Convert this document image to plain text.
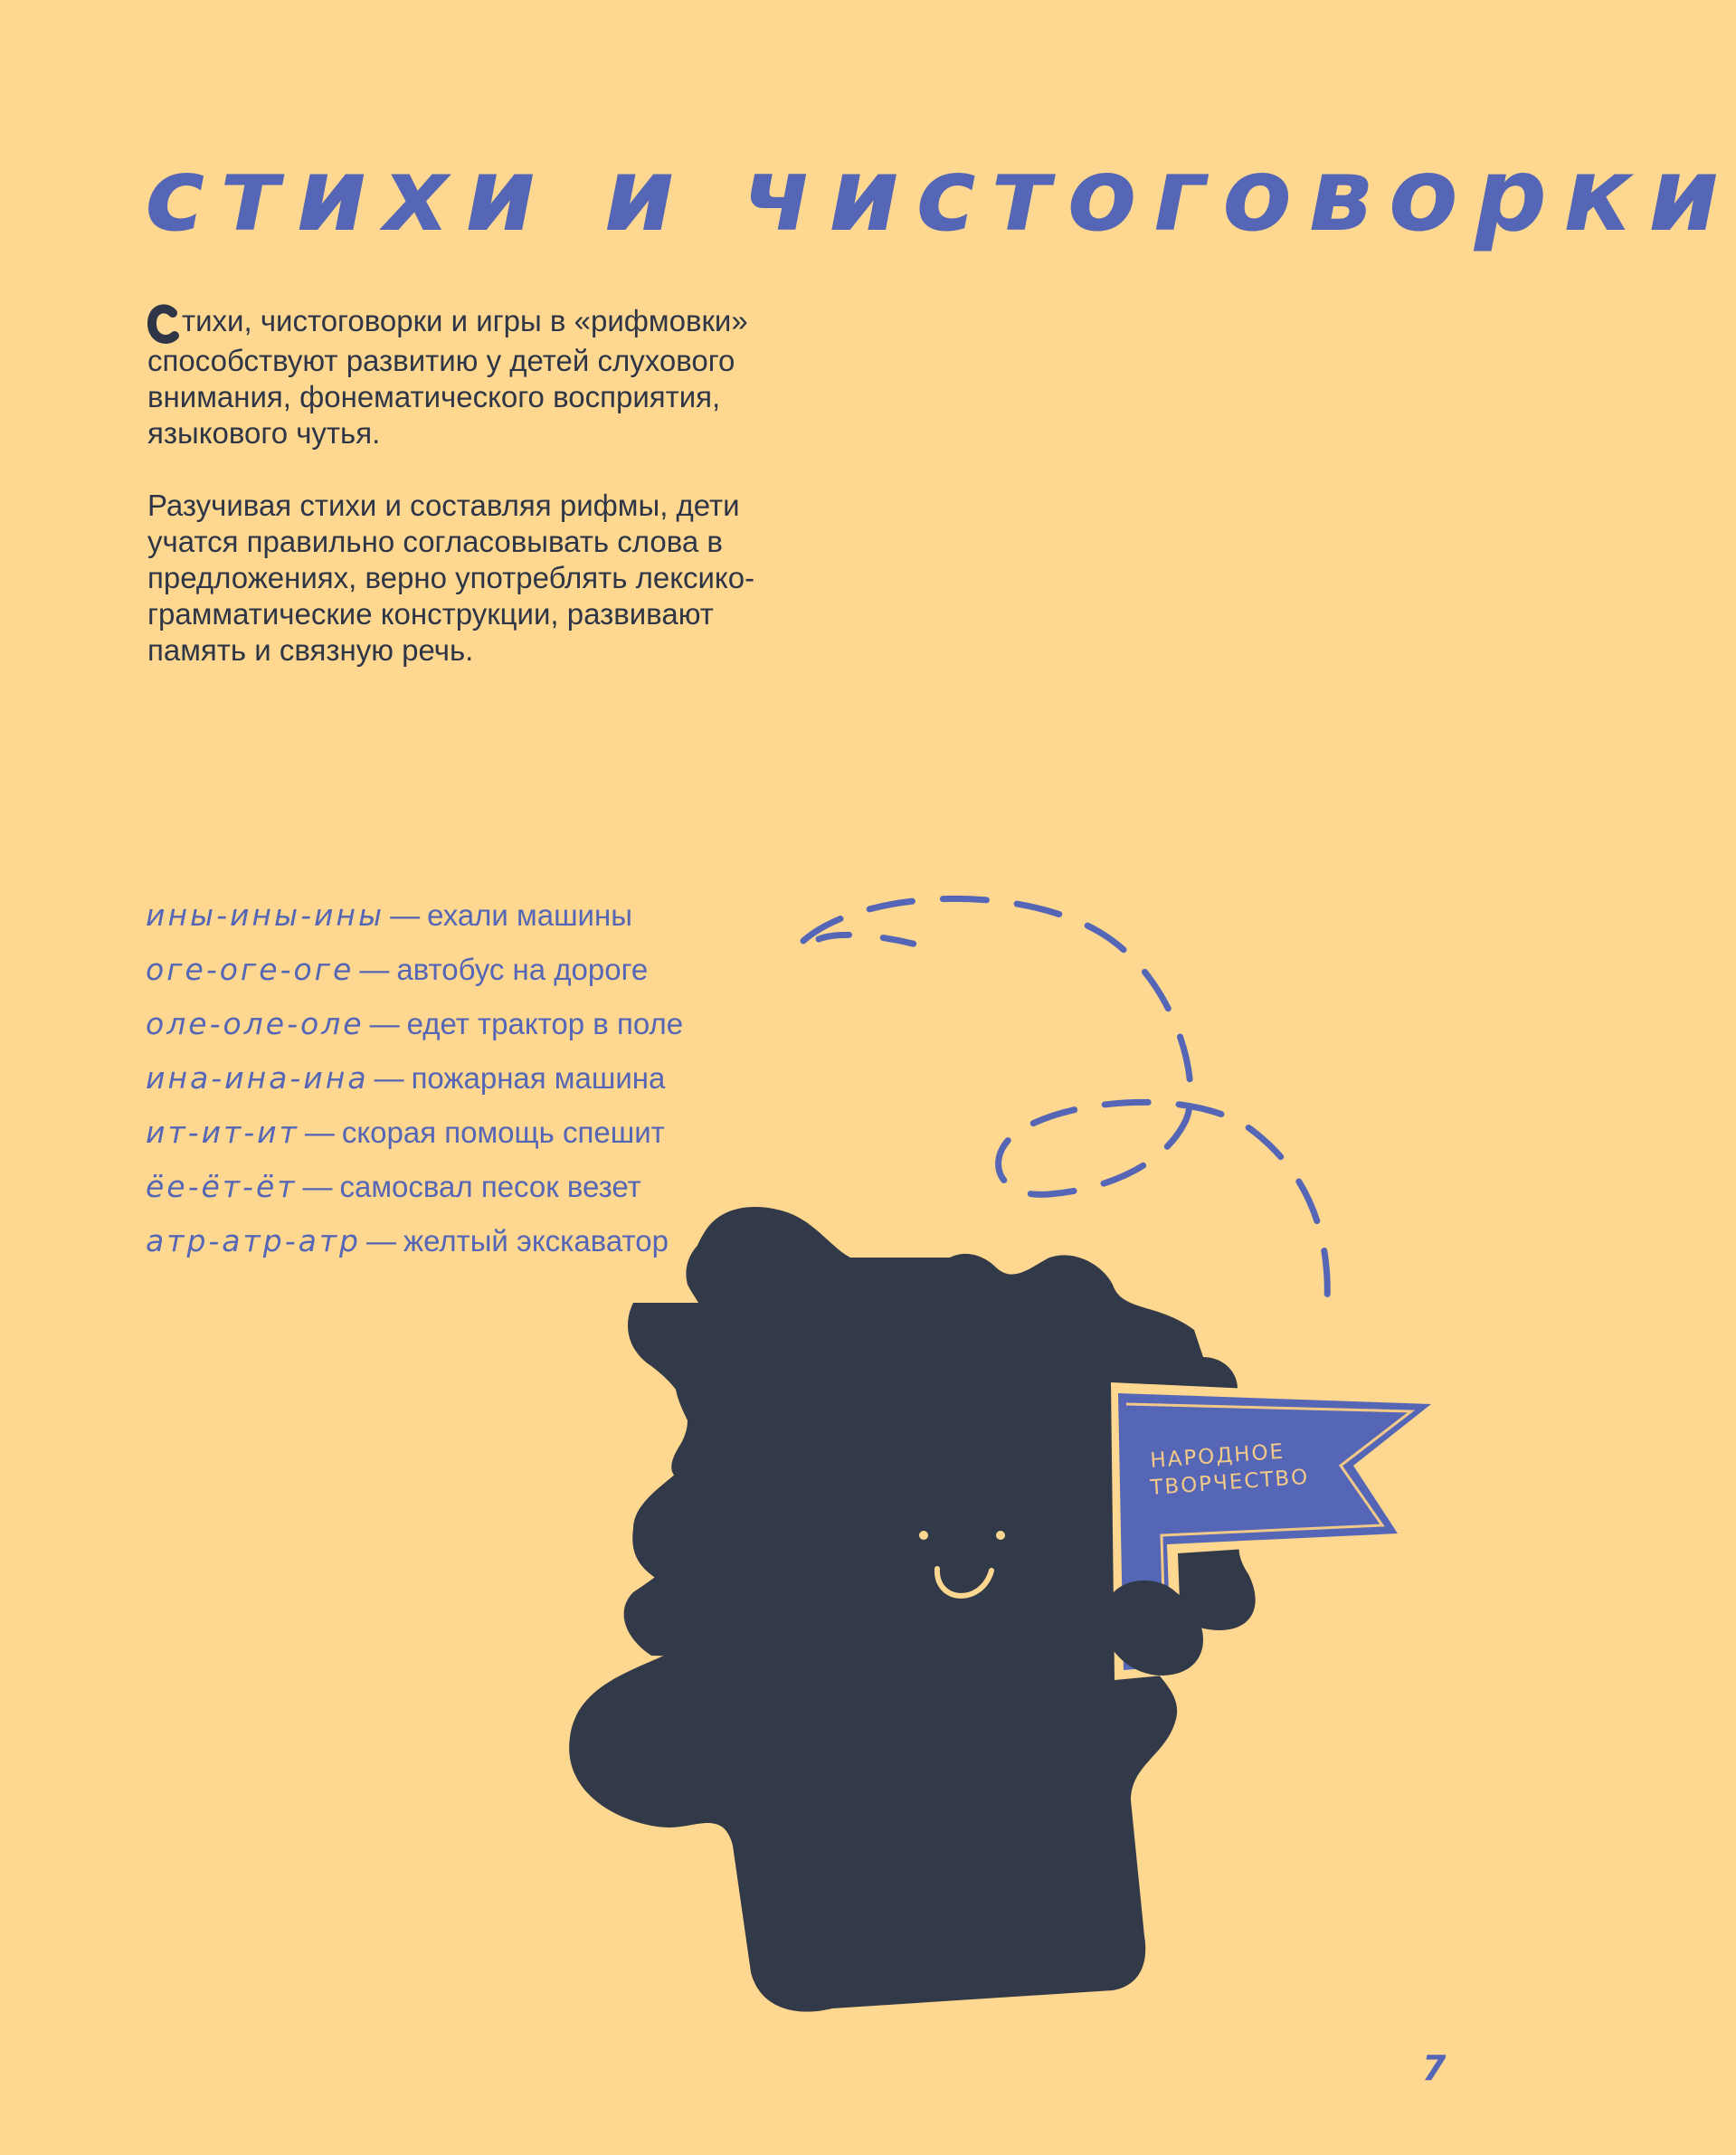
стихи и чистоговорки

тихи, чистоговорки и игры в «рифмовки» способствуют развитию у детей слухового внимания, фонематического восприятия, языкового чутья.

Разучивая стихи и составляя рифмы, дети учатся правильно согласовывать слова в предложениях, верно употреблять лексико-грамматические конструкции, развивают память и связную речь.

ины-ины-ины — ехали машины
оге-оге-оге — автобус на дороге
оле-оле-оле — едет трактор в поле
ина-ина-ина — пожарная машина
ит-ит-ит — скорая помощь спешит
ёе-ёт-ёт — самосвал песок везет
атр-атр-атр — желтый экскаватор
НАРОДНОЕ
ТВОРЧЕСТВО
7
